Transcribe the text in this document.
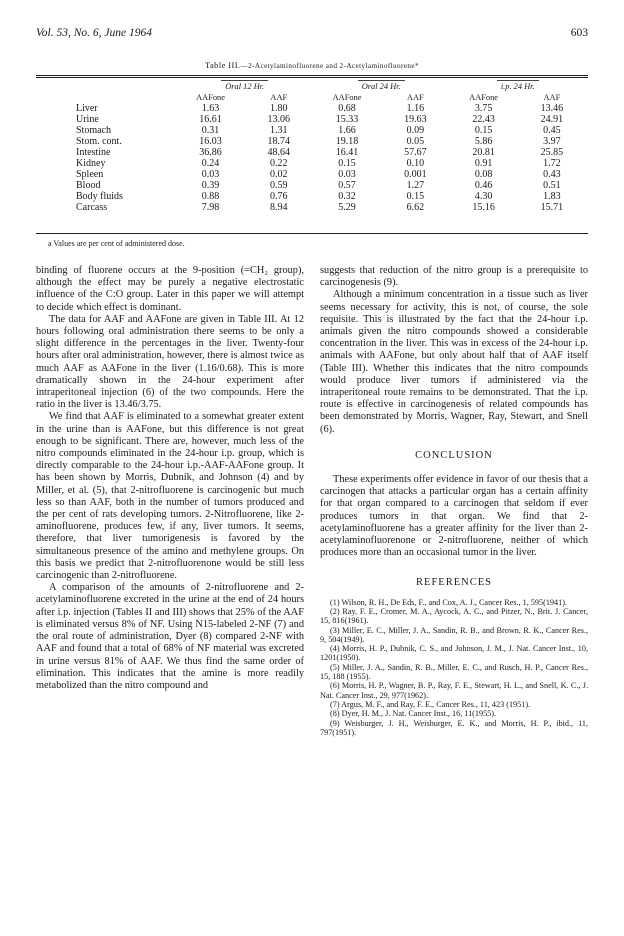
Vol. 53, No. 6, June 1964	603
Table III.—2-Acetylaminofluorene and 2-Acetylaminofluorene*
	Oral 12 Hr.		Oral 24 Hr.		i.p. 24 Hr.	
	AAFone	AAF	AAFone	AAF	AAFone	AAF
Liver	1.63	1.80	0.68	1.16	3.75	13.46
Urine	16.61	13.06	15.33	19.63	22.43	24.91
Stomach	0.31	1.31	1.66	0.09	0.15	0.45
Stom. cont.	16.03	18.74	19.18	0.05	5.86	3.97
Intestine	36.86	48.64	16.41	57.67	20.81	25.85
Kidney	0.24	0.22	0.15	0.10	0.91	1.72
Spleen	0.03	0.02	0.03	0.001	0.08	0.43
Blood	0.39	0.59	0.57	1.27	0.46	0.51
Body fluids	0.88	0.76	0.32	0.15	4.30	1.83
Carcass	7.98	8.94	5.29	6.62	15.16	15.71
a Values are per cent of administered dose.

binding of fluorene occurs at the 9-position (=CH₂ group), although the effect may be purely a negative electrostatic influence of the C:O group. Later in this paper we will attempt to decide which effect is dominant.

The data for AAF and AAFone are given in Table III. At 12 hours following oral administration there seems to be only a slight difference in the percentages in the liver. Twenty-four hours after oral administration, however, there is almost twice as much AAF as AAFone in the liver (1.16/0.68). This is more dramatically shown in the 24-hour experiment after intraperitoneal injection (6) of the two compounds. Here the ratio in the liver is 13.46/3.75.

We find that AAF is eliminated to a somewhat greater extent in the urine than is AAFone, but this difference is not great enough to be significant. There are, however, much less of the nitro compounds eliminated in the 24-hour i.p. group, which is directly comparable to the 24-hour i.p.-AAF-AAFone group. It has been shown by Morris, Dubnik, and Johnson (4) and by Miller, et al. (5), that 2-nitrofluorene is carcinogenic but much less so than AAF, both in the number of tumors produced and the per cent of rats developing tumors. 2-Nitrofluorene, like 2-aminofluorene, produces few, if any, liver tumors. It seems, therefore, that liver tumorigenesis is favored by the simultaneous presence of the amino and methylene groups. On this basis we predict that 2-nitrofluorenone would be still less carcinogenic than 2-nitrofluorene.

A comparison of the amounts of 2-nitrofluorene and 2-acetylaminofluorene excreted in the urine at the end of 24 hours after i.p. injection (Tables II and III) shows that 25% of the AAF is eliminated versus 8% of NF. Using N15-labeled 2-NF (7) and the oral route of administration, Dyer (8) compared 2-NF with AAF and found that a total of 68% of NF material was excreted in urine versus 81% of AAF. We thus find the same order of elimination. This indicates that the amine is more readily metabolized than the nitro compound and

suggests that reduction of the nitro group is a prerequisite to carcinogenesis (9).

Although a minimum concentration in a tissue such as liver seems necessary for activity, this is not, of course, the sole requisite. This is illustrated by the fact that the 24-hour i.p. animals given the nitro compounds showed a considerable concentration in the liver. This was in excess of the 24-hour i.p. animals with AAFone, but only about half that of AAF itself (Table III). Whether this indicates that the nitro compounds would produce liver tumors if administered via the intraperitoneal route remains to be demonstrated. That the i.p. route is effective in carcinogenesis of related compounds has been demonstrated by Morris, Wagner, Ray, Stewart, and Snell (6).

CONCLUSION

These experiments offer evidence in favor of our thesis that a carcinogen that attacks a particular organ has a certain affinity for that organ compared to a carcinogen that seldom if ever produces tumors in that organ. We find that 2-acetylaminofluorene has a greater affinity for the liver than 2-acetylaminofluorenone or 2-nitrofluorene, neither of which produces more than an occasional tumor in the liver.

REFERENCES
(1) Wilson, R. H., De Eds, F., and Cox, A. J., Cancer Res., 1, 595(1941).
(2) Ray, F. E., Cromer, M. A., Aycock, A. C., and Pitzer, N., Brit. J. Cancer, 15, 816(1961).
(3) Miller, E. C., Miller, J. A., Sandin, R. B., and Brown, R. K., Cancer Res., 9, 504(1949).
(4) Morris, H. P., Dubnik, C. S., and Johnson, J. M., J. Nat. Cancer Inst., 10, 1201(1950).
(5) Miller, J. A., Sandin, R. B., Miller, E. C., and Rusch, H. P., Cancer Res., 15, 188 (1955).
(6) Morris, H. P., Wagner, B. P., Ray, F. E., Stewart, H. L., and Snell, K. C., J. Nat. Cancer Inst., 29, 977(1962).
(7) Argus, M. F., and Ray, F. E., Cancer Res., 11, 423 (1951).
(8) Dyer, H. M., J. Nat. Cancer Inst., 16, 11(1955).
(9) Weisburger, J. H., Weisburger, E. K., and Morris, H. P., ibid., 11, 797(1951).
